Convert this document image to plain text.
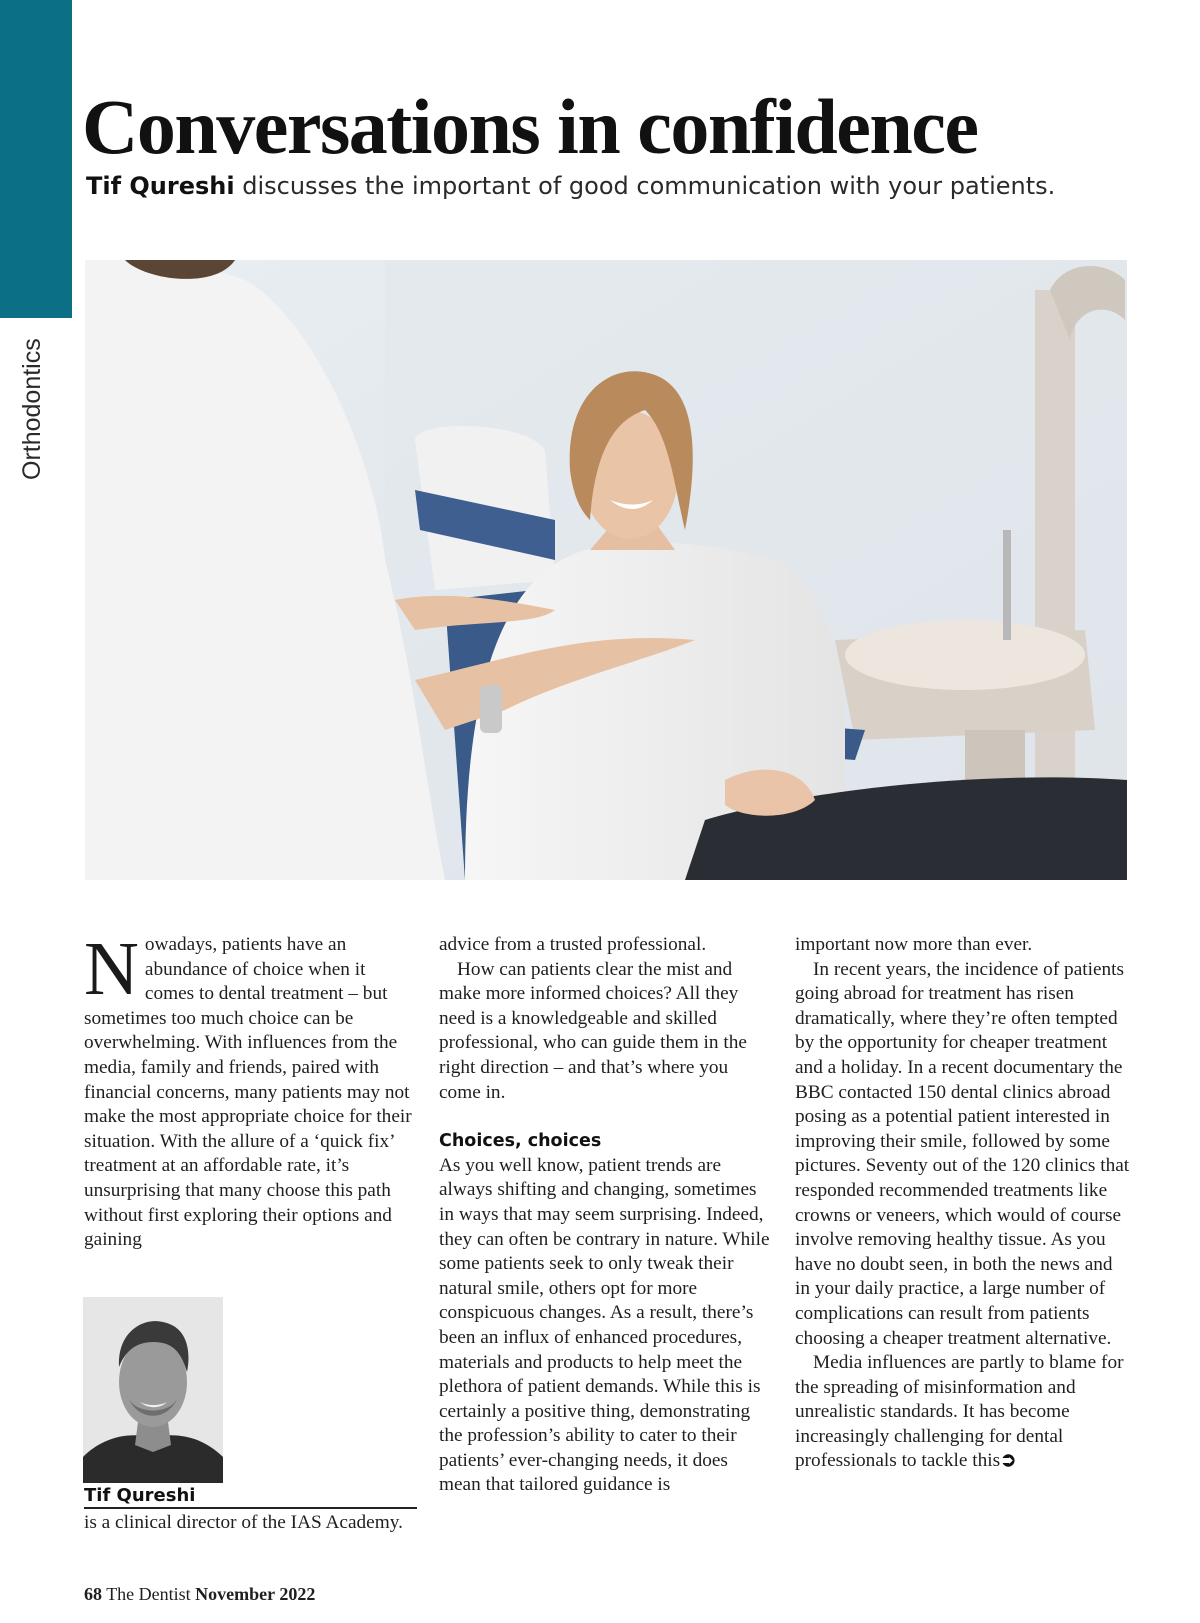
Orthodontics
Conversations in confidence
Tif Qureshi discusses the important of good communication with your patients.

Nowadays, patients have an abundance of choice when it comes to dental treatment – but sometimes too much choice can be overwhelming. With influences from the media, family and friends, paired with financial concerns, many patients may not make the most appropriate choice for their situation. With the allure of a ‘quick fix’ treatment at an affordable rate, it’s unsurprising that many choose this path without first exploring their options and gaining

advice from a trusted professional.

How can patients clear the mist and make more informed choices? All they need is a knowledgeable and skilled professional, who can guide them in the right direction – and that’s where you come in.

Choices, choices

As you well know, patient trends are always shifting and changing, sometimes in ways that may seem surprising. Indeed, they can often be contrary in nature. While some patients seek to only tweak their natural smile, others opt for more conspicuous changes. As a result, there’s been an influx of enhanced procedures, materials and products to help meet the plethora of patient demands. While this is certainly a positive thing, demonstrating the profession’s ability to cater to their patients’ ever-changing needs, it does mean that tailored guidance is

important now more than ever.

In recent years, the incidence of patients going abroad for treatment has risen dramatically, where they’re often tempted by the opportunity for cheaper treatment and a holiday. In a recent documentary the BBC contacted 150 dental clinics abroad posing as a potential patient interested in improving their smile, followed by some pictures. Seventy out of the 120 clinics that responded recommended treatments like crowns or veneers, which would of course involve removing healthy tissue. As you have no doubt seen, in both the news and in your daily practice, a large number of complications can result from patients choosing a cheaper treatment alternative.

Media influences are partly to blame for the spreading of misinformation and unrealistic standards. It has become increasingly challenging for dental professionals to tackle this➲

Tif Qureshi
is a clinical director of the IAS Academy.
68 The Dentist November 2022
